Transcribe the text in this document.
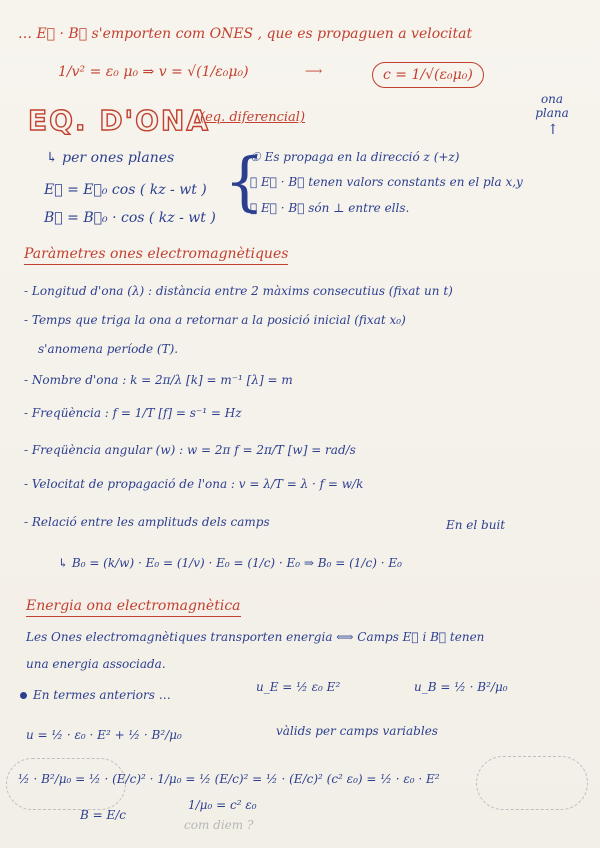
… E⃗ · B⃗ s'emporten com ONES , que es propaguen a velocitat
1/v² = ε₀ μ₀ ⇒ v = √(1/ε₀μ₀)	c = 1/√(ε₀μ₀)
⟶
EQ. D'ONA
(eq. diferencial)
ona plana
↑
↳ per ones planes
E⃗ = E⃗₀ cos ( kz - wt )
B⃗ = B⃗₀ · cos ( kz - wt ) {
① Es propaga en la direcció z (+z)
② E⃗ · B⃗ tenen valors constants en el pla x,y
③ E⃗ · B⃗ són ⊥ entre ells.
Paràmetres ones electromagnètiques
- Longitud d'ona (λ) : distància entre 2 màxims consecutius (fixat un t)
- Temps que triga la ona a retornar a la posició inicial (fixat x₀)
s'anomena període (T).
- Nombre d'ona : k = 2π/λ [k] = m⁻¹ [λ] = m
- Freqüència : f = 1/T [f] = s⁻¹ = Hz
- Freqüència angular (w) : w = 2π f = 2π/T [w] = rad/s
- Velocitat de propagació de l'ona : v = λ/T = λ · f = w/k
- Relació entre les amplituds dels camps	En el buit
↳ B₀ = (k/w) · E₀ = (1/v) · E₀ = (1/c) · E₀ ⇒ B₀ = (1/c) · E₀
Energia ona electromagnètica
Les Ones electromagnètiques transporten energia ⟺ Camps E⃗ i B⃗ tenen
una energia associada.
En termes anteriors …
u_E = ½ ε₀ E²	u_B = ½ · B²/μ₀
vàlids per camps variables
u = ½ · ε₀ · E² + ½ · B²/μ₀
½ · B²/μ₀ = ½ · (E/c)² · 1/μ₀ = ½ (E/c)² = ½ · (E/c)² (c² ε₀) = ½ · ε₀ · E²
B = E/c
1/μ₀ = c² ε₀
com diem ?
